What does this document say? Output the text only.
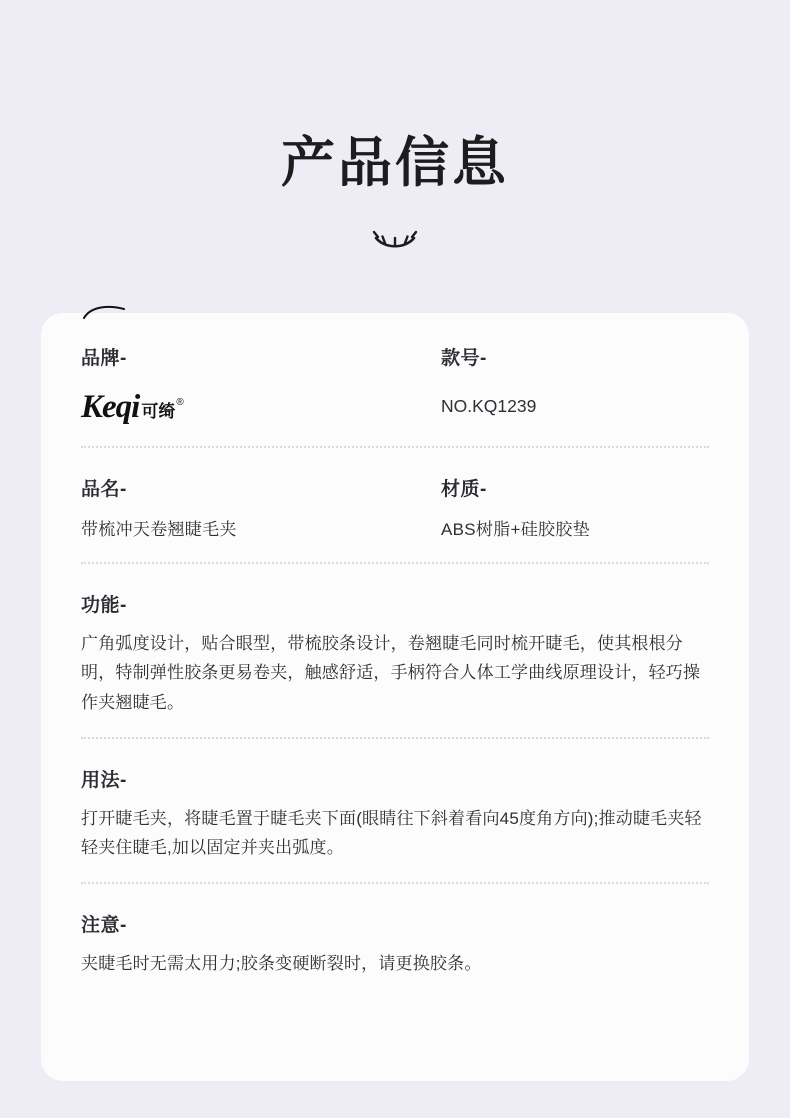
产品信息
品牌-
Keqi 可绮 ®
款号-
NO.KQ1239
品名-
带梳冲天卷翘睫毛夹
材质-
ABS树脂+硅胶胶垫
功能-
广角弧度设计，贴合眼型，带梳胶条设计，卷翘睫毛同时梳开睫毛，使其根根分明，特制弹性胶条更易卷夹，触感舒适，手柄符合人体工学曲线原理设计，轻巧操作夹翘睫毛。
用法-
打开睫毛夹，将睫毛置于睫毛夹下面(眼睛往下斜着看向45度角方向);推动睫毛夹轻轻夹住睫毛,加以固定并夹出弧度。
注意-
夹睫毛时无需太用力;胶条变硬断裂时，请更换胶条。
